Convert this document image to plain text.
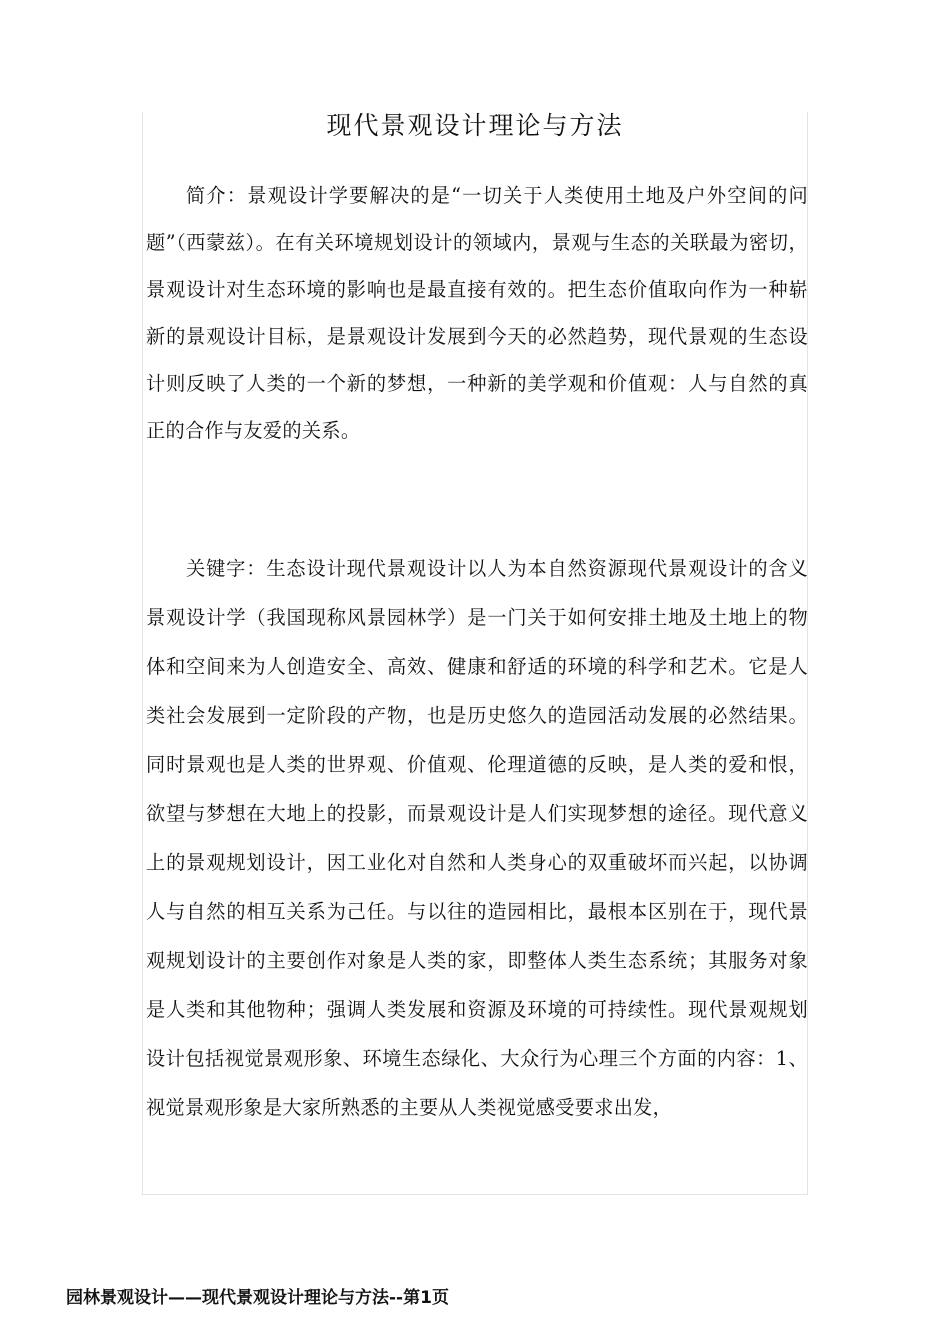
现代景观设计理论与方法

简介：景观设计学要解决的是“一切关于人类使用土地及户外空间的问题”（西蒙兹）。在有关环境规划设计的领域内，景观与生态的关联最为密切，景观设计对生态环境的影响也是最直接有效的。把生态价值取向作为一种崭新的景观设计目标，是景观设计发展到今天的必然趋势，现代景观的生态设计则反映了人类的一个新的梦想，一种新的美学观和价值观：人与自然的真正的合作与友爱的关系。

关键字：生态设计现代景观设计以人为本自然资源现代景观设计的含义景观设计学（我国现称风景园林学）是一门关于如何安排土地及土地上的物体和空间来为人创造安全、高效、健康和舒适的环境的科学和艺术。它是人类社会发展到一定阶段的产物，也是历史悠久的造园活动发展的必然结果。同时景观也是人类的世界观、价值观、伦理道德的反映，是人类的爱和恨，欲望与梦想在大地上的投影，而景观设计是人们实现梦想的途径。现代意义上的景观规划设计，因工业化对自然和人类身心的双重破坏而兴起，以协调人与自然的相互关系为己任。与以往的造园相比，最根本区别在于，现代景观规划设计的主要创作对象是人类的家，即整体人类生态系统；其服务对象是人类和其他物种；强调人类发展和资源及环境的可持续性。现代景观规划设计包括视觉景观形象、环境生态绿化、大众行为心理三个方面的内容：1、视觉景观形象是大家所熟悉的主要从人类视觉感受要求出发，

园林景观设计——现代景观设计理论与方法--第1页
